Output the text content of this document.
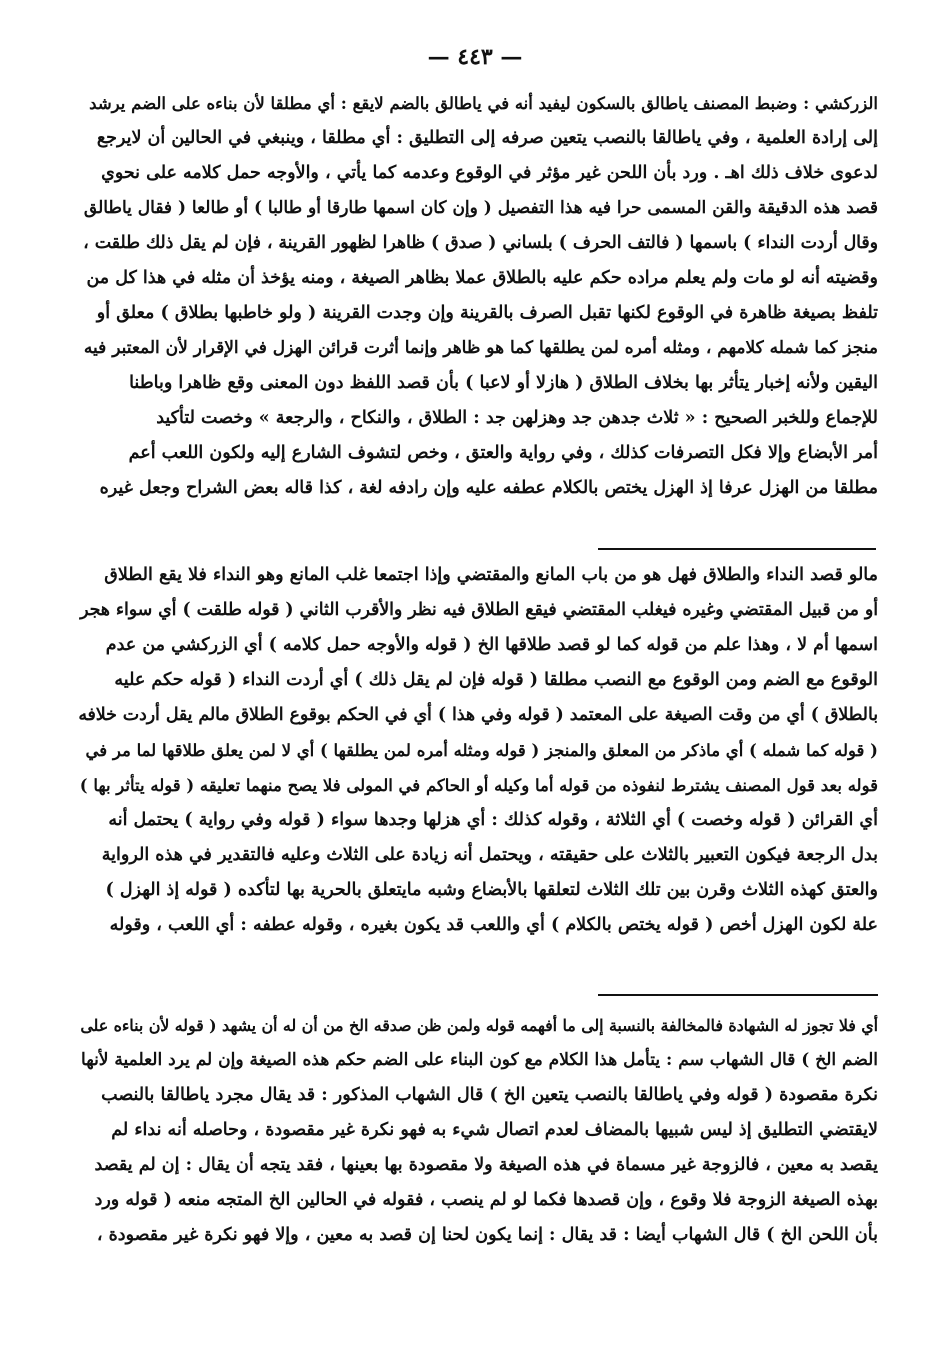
— ٤٤٣ —
الزركشي : وضبط المصنف ياطالق بالسكون ليفيد أنه في ياطالق بالضم لايقع : أي مطلقا لأن بناءه على الضم يرشد
إلى إرادة العلمية ، وفي ياطالقا بالنصب يتعين صرفه إلى التطليق : أي مطلقا ، وينبغي في الحالين أن لايرجع
لدعوى خلاف ذلك اهـ . ورد بأن اللحن غير مؤثر في الوقوع وعدمه كما يأتي ، والأوجه حمل كلامه على نحوي
قصد هذه الدقيقة والقن المسمى حرا فيه هذا التفصيل ( وإن كان اسمها طارقا أو طالبا ) أو طالعا ( فقال ياطالق
وقال أردت النداء ) باسمها ( فالتف الحرف ) بلساني ( صدق ) ظاهرا لظهور القرينة ، فإن لم يقل ذلك طلقت ،
وقضيته أنه لو مات ولم يعلم مراده حكم عليه بالطلاق عملا بظاهر الصيغة ، ومنه يؤخذ أن مثله في هذا كل من
تلفظ بصيغة ظاهرة في الوقوع لكنها تقبل الصرف بالقرينة وإن وجدت القرينة ( ولو خاطبها بطلاق ) معلق أو
منجز كما شمله كلامهم ، ومثله أمره لمن يطلقها كما هو ظاهر وإنما أثرت قرائن الهزل في الإقرار لأن المعتبر فيه
اليقين ولأنه إخبار يتأثر بها بخلاف الطلاق ( هازلا أو لاعبا ) بأن قصد اللفظ دون المعنى وقع ظاهرا وباطنا
للإجماع وللخبر الصحيح : « ثلاث جدهن جد وهزلهن جد : الطلاق ، والنكاح ، والرجعة » وخصت لتأكيد
أمر الأبضاع وإلا فكل التصرفات كذلك ، وفي رواية والعتق ، وخص لتشوف الشارع إليه ولكون اللعب أعم
مطلقا من الهزل عرفا إذ الهزل يختص بالكلام عطفه عليه وإن رادفه لغة ، كذا قاله بعض الشراح وجعل غيره
مالو قصد النداء والطلاق فهل هو من باب المانع والمقتضي وإذا اجتمعا غلب المانع وهو النداء فلا يقع الطلاق
أو من قبيل المقتضي وغيره فيغلب المقتضي فيقع الطلاق فيه نظر والأقرب الثاني ( قوله طلقت ) أي سواء هجر
اسمها أم لا ، وهذا علم من قوله كما لو قصد طلاقها الخ ( قوله والأوجه حمل كلامه ) أي الزركشي من عدم
الوقوع مع الضم ومن الوقوع مع النصب مطلقا ( قوله فإن لم يقل ذلك ) أي أردت النداء ( قوله حكم عليه
بالطلاق ) أي من وقت الصيغة على المعتمد ( قوله وفي هذا ) أي في الحكم بوقوع الطلاق مالم يقل أردت خلافه
( قوله كما شمله ) أي ماذكر من المعلق والمنجز ( قوله ومثله أمره لمن يطلقها ) أي لا لمن يعلق طلاقها لما مر في
قوله بعد قول المصنف يشترط لنفوذه من قوله أما وكيله أو الحاكم في المولى فلا يصح منهما تعليقه ( قوله يتأثر بها )
أي القرائن ( قوله وخصت ) أي الثلاثة ، وقوله كذلك : أي هزلها وجدها سواء ( قوله وفي رواية ) يحتمل أنه
بدل الرجعة فيكون التعبير بالثلاث على حقيقته ، ويحتمل أنه زيادة على الثلاث وعليه فالتقدير في هذه الرواية
والعتق كهذه الثلاث وقرن بين تلك الثلاث لتعلقها بالأبضاع وشبه مايتعلق بالحرية بها لتأكده ( قوله إذ الهزل )
علة لكون الهزل أخص ( قوله يختص بالكلام ) أي واللعب قد يكون بغيره ، وقوله عطفه : أي اللعب ، وقوله
أي فلا تجوز له الشهادة فالمخالفة بالنسبة إلى ما أفهمه قوله ولمن ظن صدقه الخ من أن له أن يشهد ( قوله لأن بناءه على
الضم الخ ) قال الشهاب سم : يتأمل هذا الكلام مع كون البناء على الضم حكم هذه الصيغة وإن لم يرد العلمية لأنها
نكرة مقصودة ( قوله وفي ياطالقا بالنصب يتعين الخ ) قال الشهاب المذكور : قد يقال مجرد ياطالقا بالنصب
لايقتضي التطليق إذ ليس شبيها بالمضاف لعدم اتصال شيء به فهو نكرة غير مقصودة ، وحاصله أنه نداء لم
يقصد به معين ، فالزوجة غير مسماة في هذه الصيغة ولا مقصودة بها بعينها ، فقد يتجه أن يقال : إن لم يقصد
بهذه الصيغة الزوجة فلا وقوع ، وإن قصدها فكما لو لم ينصب ، فقوله في الحالين الخ المتجه منعه ( قوله ورد
بأن اللحن الخ ) قال الشهاب أيضا : قد يقال : إنما يكون لحنا إن قصد به معين ، وإلا فهو نكرة غير مقصودة ،
